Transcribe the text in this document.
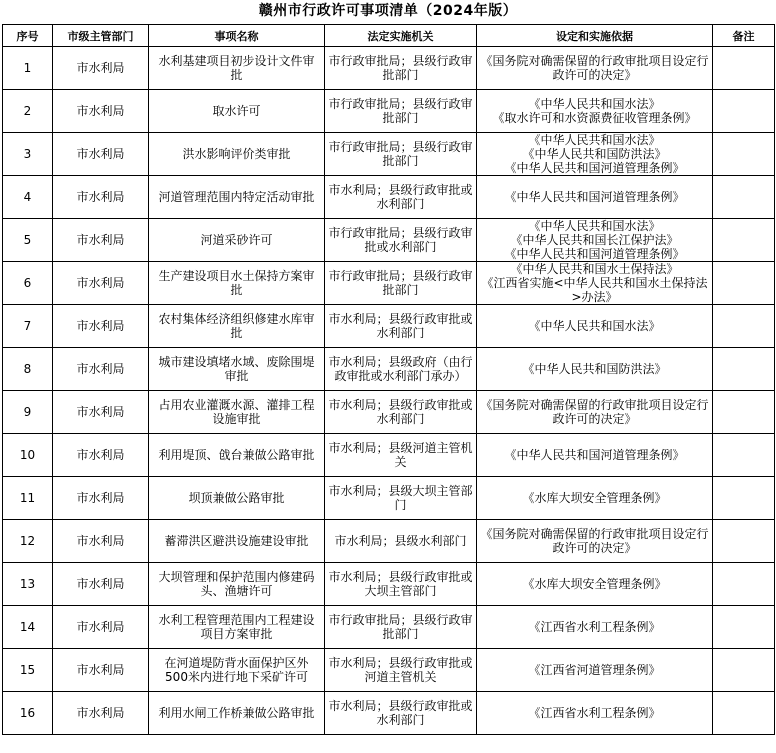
赣州市行政许可事项清单（2024年版）
序号	市级主管部门	事项名称	法定实施机关	设定和实施依据	备注

1	市水利局	水利基建项目初步设计文件审批	市行政审批局；县级行政审批部门	《国务院对确需保留的行政审批项目设定行政许可的决定》	

2	市水利局	取水许可	市行政审批局；县级行政审批部门	《中华人民共和国水法》
《取水许可和水资源费征收管理条例》	

3	市水利局	洪水影响评价类审批	市行政审批局；县级行政审批部门	《中华人民共和国水法》
《中华人民共和国防洪法》
《中华人民共和国河道管理条例》	

4	市水利局	河道管理范围内特定活动审批	市水利局；县级行政审批或水利部门	《中华人民共和国河道管理条例》	

5	市水利局	河道采砂许可	市行政审批局；县级行政审批或水利部门	《中华人民共和国水法》
《中华人民共和国长江保护法》
《中华人民共和国河道管理条例》	

6	市水利局	生产建设项目水土保持方案审批	市行政审批局；县级行政审批部门	《中华人民共和国水土保持法》
《江西省实施<中华人民共和国水土保持法>办法》	

7	市水利局	农村集体经济组织修建水库审批	市水利局；县级行政审批或水利部门	《中华人民共和国水法》	

8	市水利局	城市建设填堵水域、废除围堤审批	市水利局；县级政府（由行政审批或水利部门承办）	《中华人民共和国防洪法》	

9	市水利局	占用农业灌溉水源、灌排工程设施审批	市水利局；县级行政审批或水利部门	《国务院对确需保留的行政审批项目设定行政许可的决定》	

10	市水利局	利用堤顶、戗台兼做公路审批	市水利局；县级河道主管机关	《中华人民共和国河道管理条例》	

11	市水利局	坝顶兼做公路审批	市水利局；县级大坝主管部门	《水库大坝安全管理条例》	

12	市水利局	蓄滞洪区避洪设施建设审批	市水利局；县级水利部门	《国务院对确需保留的行政审批项目设定行政许可的决定》	

13	市水利局	大坝管理和保护范围内修建码头、渔塘许可	市水利局；县级行政审批或大坝主管部门	《水库大坝安全管理条例》	

14	市水利局	水利工程管理范围内工程建设项目方案审批	市行政审批局；县级行政审批部门	《江西省水利工程条例》	

15	市水利局	在河道堤防背水面保护区外500米内进行地下采矿许可	市水利局；县级行政审批或河道主管机关	《江西省河道管理条例》	

16	市水利局	利用水闸工作桥兼做公路审批	市水利局；县级行政审批或水利部门	《江西省水利工程条例》	
